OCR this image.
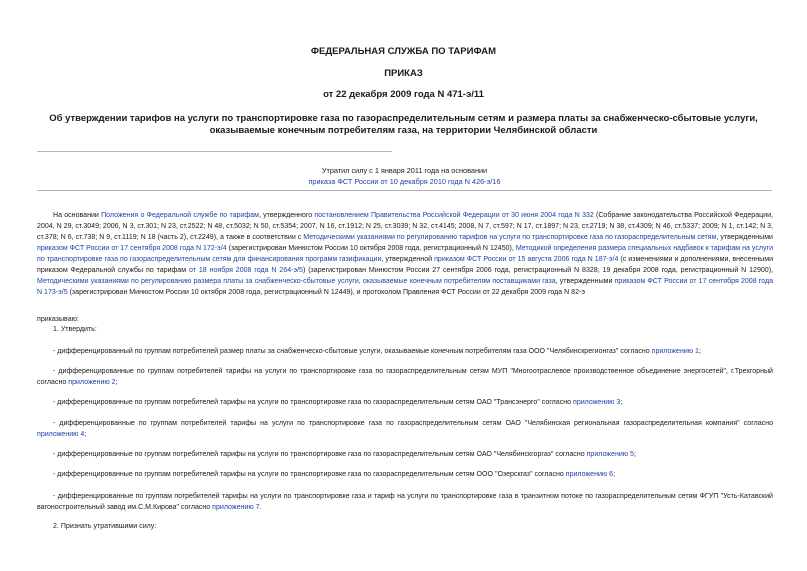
ФЕДЕРАЛЬНАЯ СЛУЖБА ПО ТАРИФАМ
ПРИКАЗ
от 22 декабря 2009 года N 471-э/11
Об утверждении тарифов на услуги по транспортировке газа по газораспределительным сетям и размера платы за снабженческо-сбытовые услуги, оказываемые конечным потребителям газа, на территории Челябинской области
Утратил силу с 1 января 2011 года на основании
приказа ФСТ России от 10 декабря 2010 года N 426-э/16

На основании Положения о Федеральной службе по тарифам, утвержденного постановлением Правительства Российской Федерации от 30 июня 2004 года N 332 (Собрание законодательства Российской Федерации, 2004, N 29, ст.3049; 2006, N 3, ст.301; N 23, ст.2522; N 48, ст.5032; N 50, ст.5354; 2007, N 16, ст.1912; N 25, ст.3039; N 32, ст.4145; 2008, N 7, ст.597; N 17, ст.1897; N 23, ст.2719; N 38, ст.4309; N 46, ст.5337; 2009; N 1, ст.142; N 3, ст.378; N 6, ст.738; N 9, ст.1119; N 18 (часть 2), ст.2249), а также в соответствии с Методическими указаниями по регулированию тарифов на услуги по транспортировке газа по газораспределительным сетям, утвержденными приказом ФСТ России от 17 сентября 2008 года N 172-э/4 (зарегистрирован Минюстом России 10 октября 2008 года, регистрационный N 12450), Методикой определения размера специальных надбавок к тарифам на услуги по транспортировке газа по газораспределительным сетям для финансирования программ газификации, утвержденной приказом ФСТ России от 15 августа 2006 года N 187-э/4 (с изменениями и дополнениями, внесенными приказом Федеральной службы по тарифам от 18 ноября 2008 года N 264-э/5) (зарегистрирован Минюстом России 27 сентября 2006 года, регистрационный N 8328; 19 декабря 2008 года, регистрационный N 12900), Методическими указаниями по регулированию размера платы за снабженческо-сбытовые услуги, оказываемые конечным потребителям поставщиками газа, утвержденными приказом ФСТ России от 17 сентября 2008 года N 173-э/5 (зарегистрирован Минюстом России 10 октября 2008 года, регистрационный N 12449), и протоколом Правления ФСТ России от 22 декабря 2009 года N 82-э

приказываю:

1. Утвердить:

- дифференцированный по группам потребителей размер платы за снабженческо-сбытовые услуги, оказываемые конечным потребителям газа ООО "Челябинскрегионгаз" согласно приложению 1;

- дифференцированные по группам потребителей тарифы на услуги по транспортировке газа по газораспределительным сетям МУП "Многоотраслевое производственное объединение энергосетей", г.Трехгорный согласно приложению 2;

- дифференцированные по группам потребителей тарифы на услуги по транспортировке газа по газораспределительным сетям ОАО "Трансэнерго" согласно приложению 3;

- дифференцированные по группам потребителей тарифы на услуги по транспортировке газа по газораспределительным сетям ОАО "Челябинская региональная газораспределительная компания" согласно приложению 4;

- дифференцированные по группам потребителей тарифы на услуги по транспортировке газа по газораспределительным сетям ОАО "Челябинскгоргаз" согласно приложению 5;

- дифференцированные по группам потребителей тарифы на услуги по транспортировке газа по газораспределительным сетям ООО "Озерскгаз" согласно приложению 6;

- дифференцированные по группам потребителей тарифы на услуги по транспортировке газа и тариф на услуги по транспортировке газа в транзитном потоке по газораспределительным сетям ФГУП "Усть-Катавский вагоностроительный завод им.С.М.Кирова" согласно приложению 7.

2. Признать утратившими силу:
